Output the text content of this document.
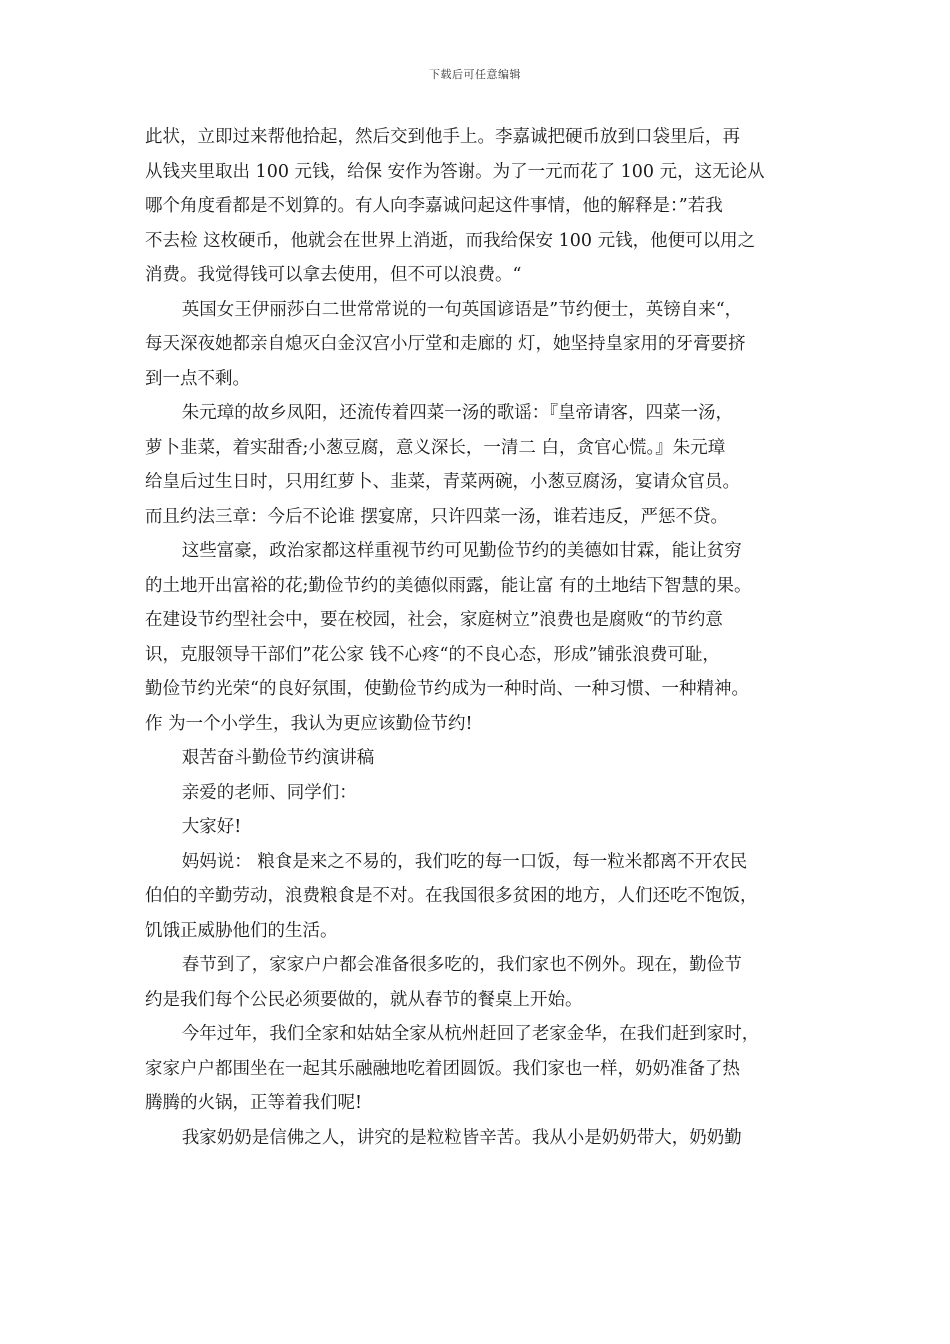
下载后可任意编辑

此状，立即过来帮他拾起，然后交到他手上。李嘉诚把硬币放到口袋里后，再
从钱夹里取出 100 元钱，给保 安作为答谢。为了一元而花了 100 元，这无论从
哪个角度看都是不划算的。有人向李嘉诚问起这件事情，他的解释是：”若我
不去检 这枚硬币，他就会在世界上消逝，而我给保安 100 元钱，他便可以用之
消费。我觉得钱可以拿去使用，但不可以浪费。“

英国女王伊丽莎白二世常常说的一句英国谚语是”节约便士，英镑自来“，
每天深夜她都亲自熄灭白金汉宫小厅堂和走廊的 灯，她坚持皇家用的牙膏要挤
到一点不剩。

朱元璋的故乡凤阳，还流传着四菜一汤的歌谣：『皇帝请客，四菜一汤，
萝卜韭菜，着实甜香;小葱豆腐，意义深长，一清二 白，贪官心慌。』朱元璋
给皇后过生日时，只用红萝卜、韭菜，青菜两碗，小葱豆腐汤，宴请众官员。
而且约法三章：今后不论谁 摆宴席，只许四菜一汤，谁若违反，严惩不贷。

这些富豪，政治家都这样重视节约可见勤俭节约的美德如甘霖，能让贫穷
的土地开出富裕的花;勤俭节约的美德似雨露，能让富 有的土地结下智慧的果。
在建设节约型社会中，要在校园，社会，家庭树立”浪费也是腐败“的节约意
识，克服领导干部们”花公家 钱不心疼“的不良心态，形成”铺张浪费可耻，
勤俭节约光荣“的良好氛围，使勤俭节约成为一种时尚、一种习惯、一种精神。
作 为一个小学生，我认为更应该勤俭节约!

艰苦奋斗勤俭节约演讲稿

亲爱的老师、同学们：

大家好!

妈妈说： 粮食是来之不易的，我们吃的每一口饭，每一粒米都离不开农民
伯伯的辛勤劳动，浪费粮食是不对。在我国很多贫困的地方，人们还吃不饱饭，
饥饿正威胁他们的生活。

春节到了，家家户户都会准备很多吃的，我们家也不例外。现在，勤俭节
约是我们每个公民必须要做的，就从春节的餐桌上开始。

今年过年，我们全家和姑姑全家从杭州赶回了老家金华，在我们赶到家时，
家家户户都围坐在一起其乐融融地吃着团圆饭。我们家也一样，奶奶准备了热
腾腾的火锅，正等着我们呢!

我家奶奶是信佛之人，讲究的是粒粒皆辛苦。我从小是奶奶带大，奶奶勤
